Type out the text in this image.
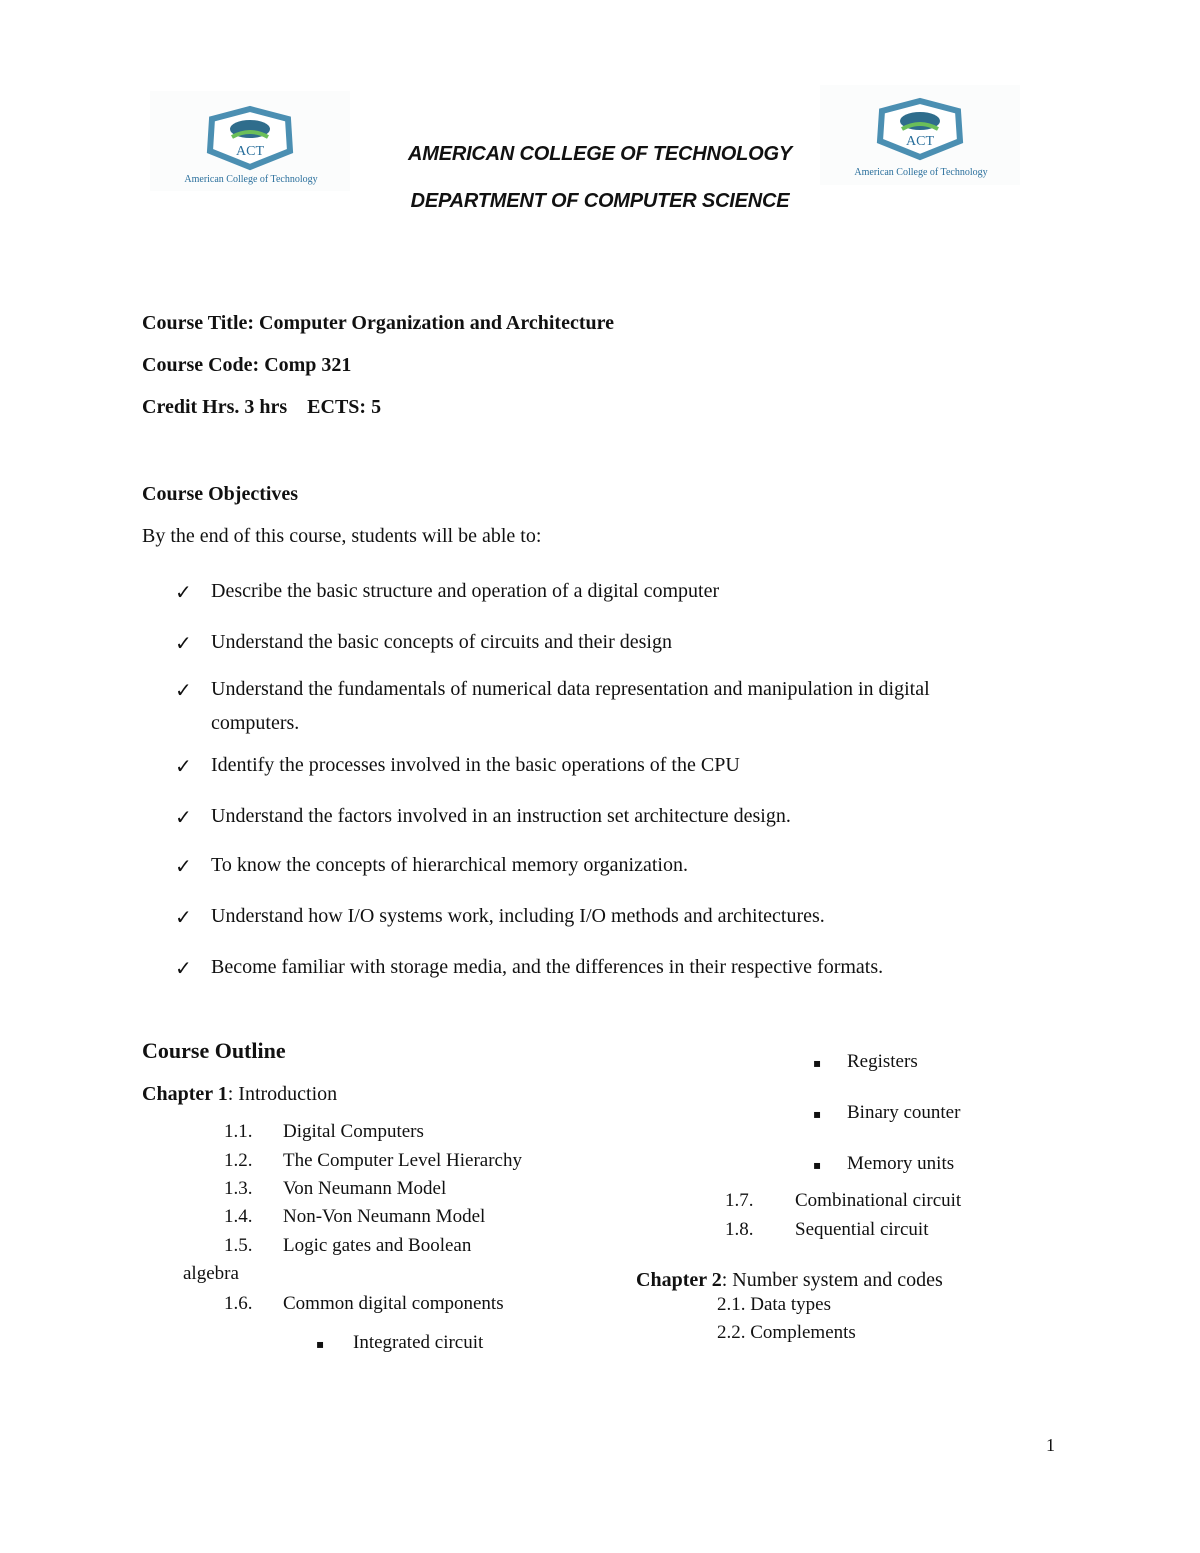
ACT
American College of Technology
ACT
American College of Technology
AMERICAN COLLEGE OF TECHNOLOGY
DEPARTMENT OF COMPUTER SCIENCE
Course Title: Computer Organization and Architecture
Course Code: Comp 321
Credit Hrs. 3 hrs    ECTS: 5
Course Objectives
By the end of this course, students will be able to:
✓ Describe the basic structure and operation of a digital computer
✓ Understand the basic concepts of circuits and their design
✓ Understand the fundamentals of numerical data representation and manipulation in digital
computers.
✓ Identify the processes involved in the basic operations of the CPU
✓ Understand the factors involved in an instruction set architecture design.
✓ To know the concepts of hierarchical memory organization.
✓ Understand how I/O systems work, including I/O methods and architectures.
✓ Become familiar with storage media, and the differences in their respective formats.
Course Outline
Chapter 1: Introduction
1.1. Digital Computers
1.2. The Computer Level Hierarchy
1.3. Von Neumann Model
1.4. Non-Von Neumann Model
1.5. Logic gates and Boolean
algebra
1.6. Common digital components
▪ Integrated circuit
▪ Registers
▪ Binary counter
▪ Memory units
1.7. Combinational circuit
1.8. Sequential circuit
Chapter 2: Number system and codes
2.1. Data types
2.2. Complements
1
